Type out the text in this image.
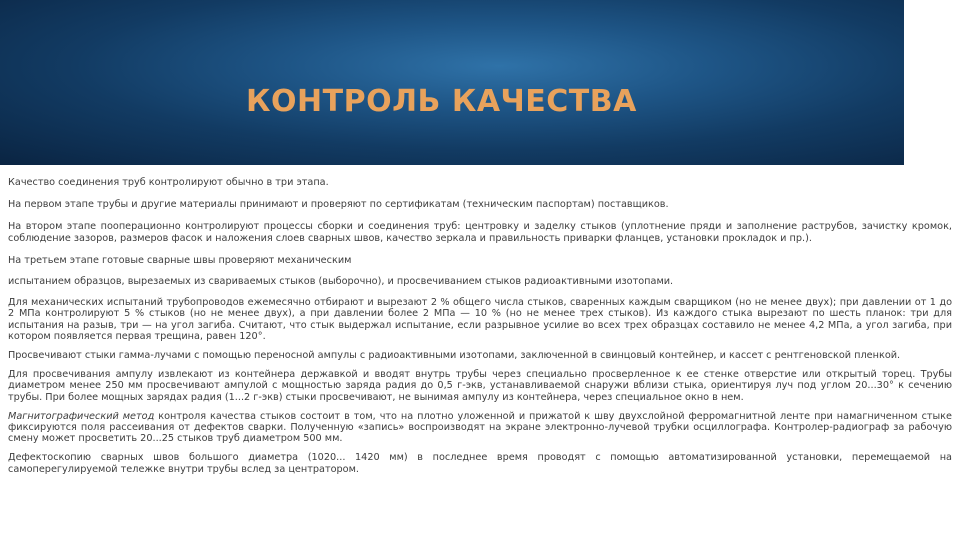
КОНТРОЛЬ КАЧЕСТВА

Качество соединения труб контролируют обычно в три этапа.

На первом этапе трубы и другие материалы принимают и проверяют по сертификатам (техническим паспортам) поставщиков.

На втором этапе пооперационно контролируют процессы сборки и соединения труб: центровку и заделку стыков (уплотнение пряди и заполнение раструбов, зачистку кромок, соблюдение зазоров, размеров фасок и наложения слоев сварных швов, качество зеркала и правильность приварки фланцев, установки прокладок и пр.).

На третьем этапе готовые сварные швы проверяют механическим

испытанием образцов, вырезаемых из свариваемых стыков (выборочно), и просвечиванием стыков радиоактивными изотопами.

Для механических испытаний трубопроводов ежемесячно отбирают и вырезают 2 % общего числа стыков, сваренных каждым сварщиком (но не менее двух); при давлении от 1 до 2 МПа контролируют 5 % стыков (но не менее двух), а при давлении более 2 МПа — 10 % (но не менее трех стыков). Из каждого стыка вырезают по шесть планок: три для испытания на разыв, три — на угол загиба. Считают, что стык выдержал испытание, если разрывное усилие во всех трех образцах составило не менее 4,2 МПа, а угол загиба, при котором появляется первая трещина, равен 120°.

Просвечивают стыки гамма-лучами с помощью переносной ампулы с радиоактивными изотопами, заключенной в свинцовый контейнер, и кассет с рентгеновской пленкой.

Для просвечивания ампулу извлекают из контейнера державкой и вводят внутрь трубы через специально просверленное к ее стенке отверстие или открытый торец. Трубы диаметром менее 250 мм просвечивают ампулой с мощностью заряда радия до 0,5 г-экв, устанавливаемой снаружи вблизи стыка, ориентируя луч под углом 20...30° к сечению трубы. При более мощных зарядах радия (1...2 г-экв) стыки просвечивают, не вынимая ампулу из контейнера, через специальное окно в нем.

Магнитографический метод контроля качества стыков состоит в том, что на плотно уложенной и прижатой к шву двухслойной ферромагнитной ленте при намагниченном стыке фиксируются поля рассеивания от дефектов сварки. Полученную «запись» воспроизводят на экране электронно-лучевой трубки осциллографа. Контролер-радиограф за рабочую смену может просветить 20...25 стыков труб диаметром 500 мм.

Дефектоскопию сварных швов большого диаметра (1020... 1420 мм) в последнее время проводят с помощью автоматизированной установки, перемещаемой на самоперегулируемой тележке внутри трубы вслед за центратором.
